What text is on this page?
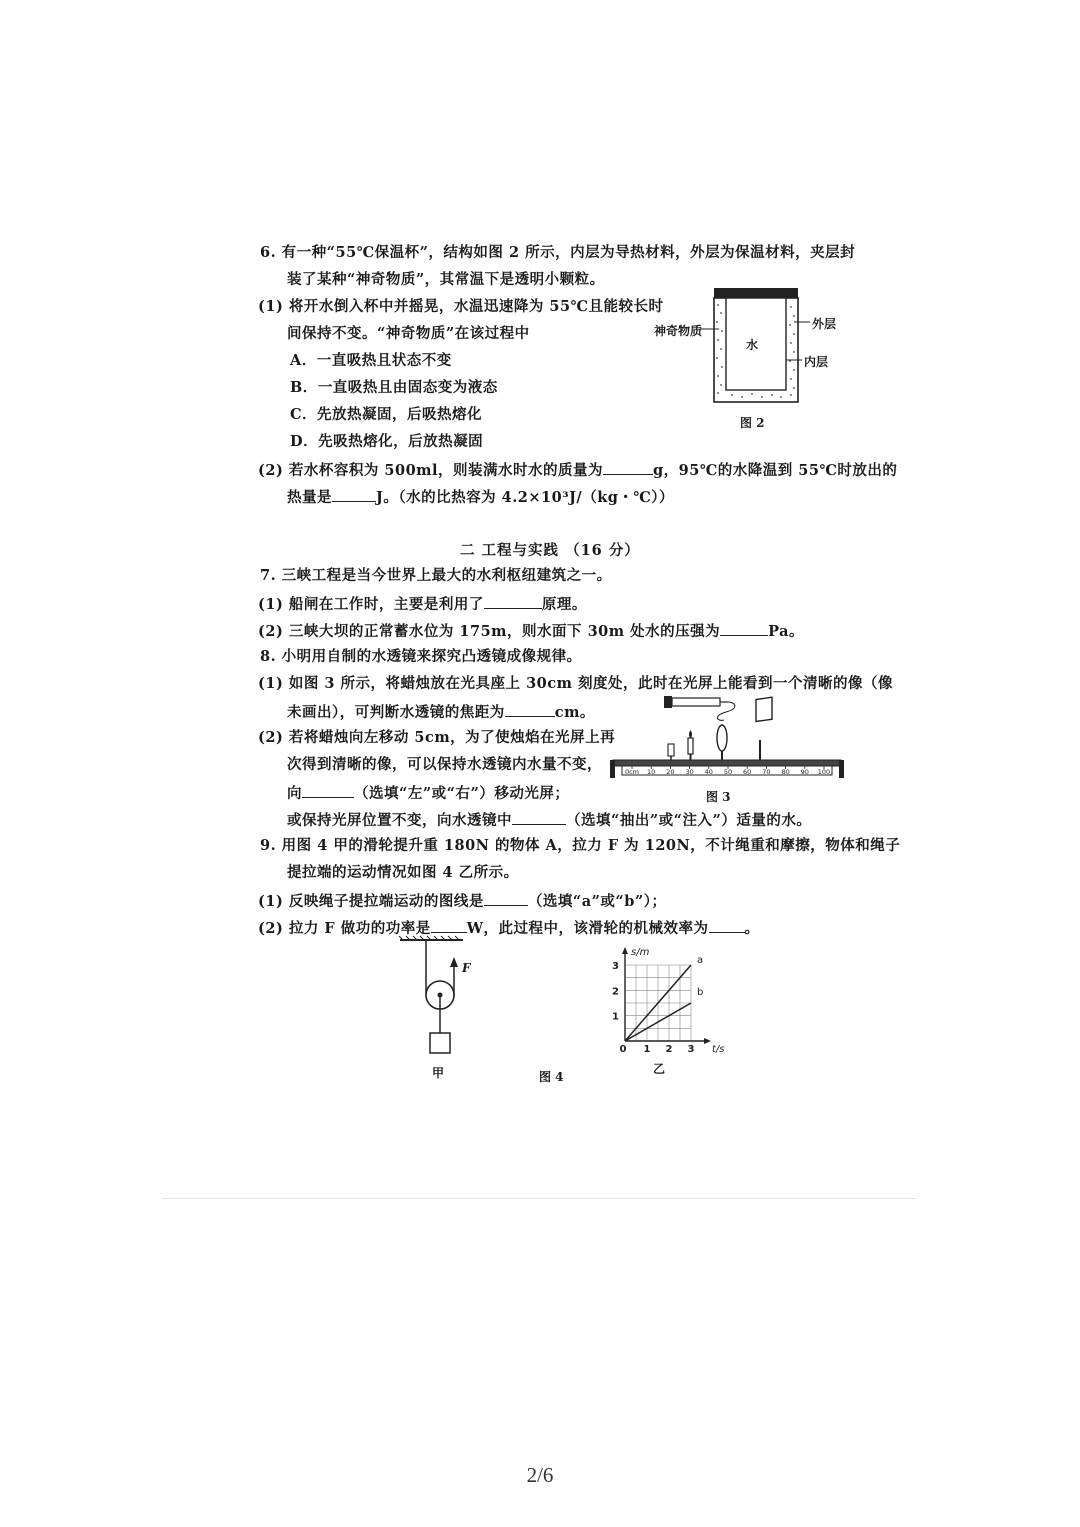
6. 有一种“55℃保温杯”，结构如图 2 所示，内层为导热材料，外层为保温材料，夹层封
装了某种“神奇物质”，其常温下是透明小颗粒。
(1) 将开水倒入杯中并摇晃，水温迅速降为 55℃且能较长时
间保持不变。“神奇物质”在该过程中
A．一直吸热且状态不变
B．一直吸热且由固态变为液态
C．先放热凝固，后吸热熔化
D．先吸热熔化，后放热凝固
(2) 若水杯容积为 500ml，则装满水时水的质量为	g，95℃的水降温到 55℃时放出的
热量是	J。（水的比热容为 4.2×10³J/（kg・℃））
神奇物质
水
外层
内层
图 2
二 工程与实践 （16 分）
7. 三峡工程是当今世界上最大的水利枢纽建筑之一。
(1) 船闸在工作时，主要是利用了	原理。
(2) 三峡大坝的正常蓄水位为 175m，则水面下 30m 处水的压强为	Pa。
8. 小明用自制的水透镜来探究凸透镜成像规律。
(1) 如图 3 所示，将蜡烛放在光具座上 30cm 刻度处，此时在光屏上能看到一个清晰的像（像
未画出），可判断水透镜的焦距为	cm。
(2) 若将蜡烛向左移动 5cm，为了使烛焰在光屏上再
次得到清晰的像，可以保持水透镜内水量不变，
向	（选填“左”或“右”）移动光屏；
或保持光屏位置不变，向水透镜中	（选填“抽出”或“注入”）适量的水。
0cm 10 20 30 40 50 60 70 80 90 100
图 3
9. 用图 4 甲的滑轮提升重 180N 的物体 A，拉力 F 为 120N，不计绳重和摩擦，物体和绳子
提拉端的运动情况如图 4 乙所示。
(1) 反映绳子提拉端运动的图线是	（选填“a”或“b”）；
(2) 拉力 F 做功的功率是 W，此过程中，该滑轮的机械效率为 。
F
甲	图 4
0 1 2 3
1
2
3
t/s
s/m
a
b
乙
2/6
